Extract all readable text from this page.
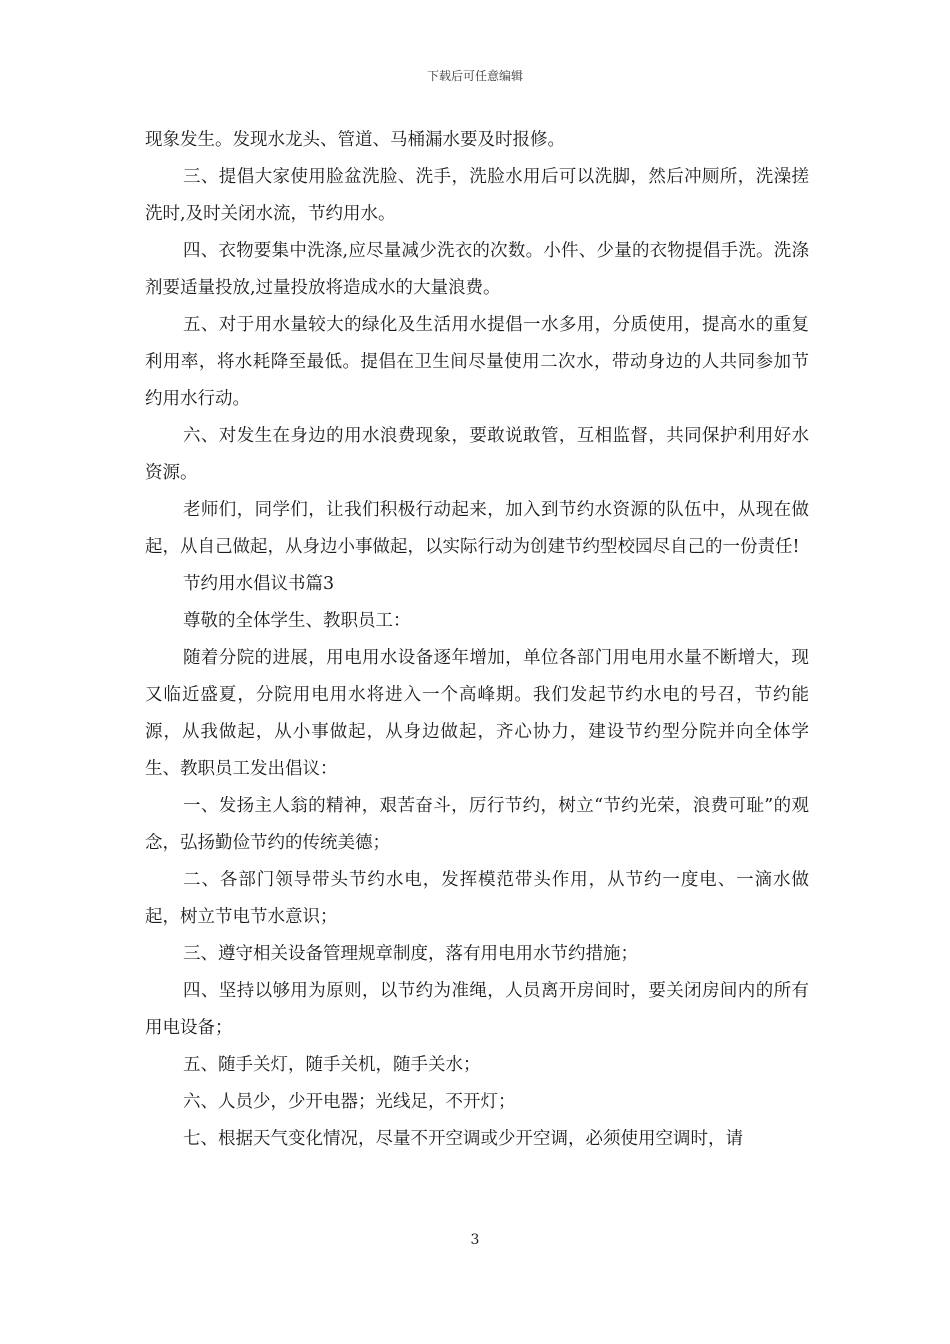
下载后可任意编辑

现象发生。发现水龙头、管道、马桶漏水要及时报修。

三、提倡大家使用脸盆洗脸、洗手，洗脸水用后可以洗脚，然后冲厕所，洗澡搓洗时,及时关闭水流，节约用水。

四、衣物要集中洗涤,应尽量减少洗衣的次数。小件、少量的衣物提倡手洗。洗涤剂要适量投放,过量投放将造成水的大量浪费。

五、对于用水量较大的绿化及生活用水提倡一水多用，分质使用，提高水的重复利用率，将水耗降至最低。提倡在卫生间尽量使用二次水，带动身边的人共同参加节约用水行动。

六、对发生在身边的用水浪费现象，要敢说敢管，互相监督，共同保护利用好水资源。

老师们，同学们，让我们积极行动起来，加入到节约水资源的队伍中，从现在做起，从自己做起，从身边小事做起，以实际行动为创建节约型校园尽自己的一份责任!

节约用水倡议书篇3

尊敬的全体学生、教职员工：

随着分院的进展，用电用水设备逐年增加，单位各部门用电用水量不断增大，现又临近盛夏，分院用电用水将进入一个高峰期。我们发起节约水电的号召，节约能源，从我做起，从小事做起，从身边做起，齐心协力，建设节约型分院并向全体学生、教职员工发出倡议：

一、发扬主人翁的精神，艰苦奋斗，厉行节约，树立“节约光荣，浪费可耻”的观念，弘扬勤俭节约的传统美德；

二、各部门领导带头节约水电，发挥模范带头作用，从节约一度电、一滴水做起，树立节电节水意识；

三、遵守相关设备管理规章制度，落有用电用水节约措施；

四、坚持以够用为原则，以节约为准绳，人员离开房间时，要关闭房间内的所有用电设备；

五、随手关灯，随手关机，随手关水；

六、人员少，少开电器；光线足，不开灯；

七、根据天气变化情况，尽量不开空调或少开空调，必须使用空调时，请

3
